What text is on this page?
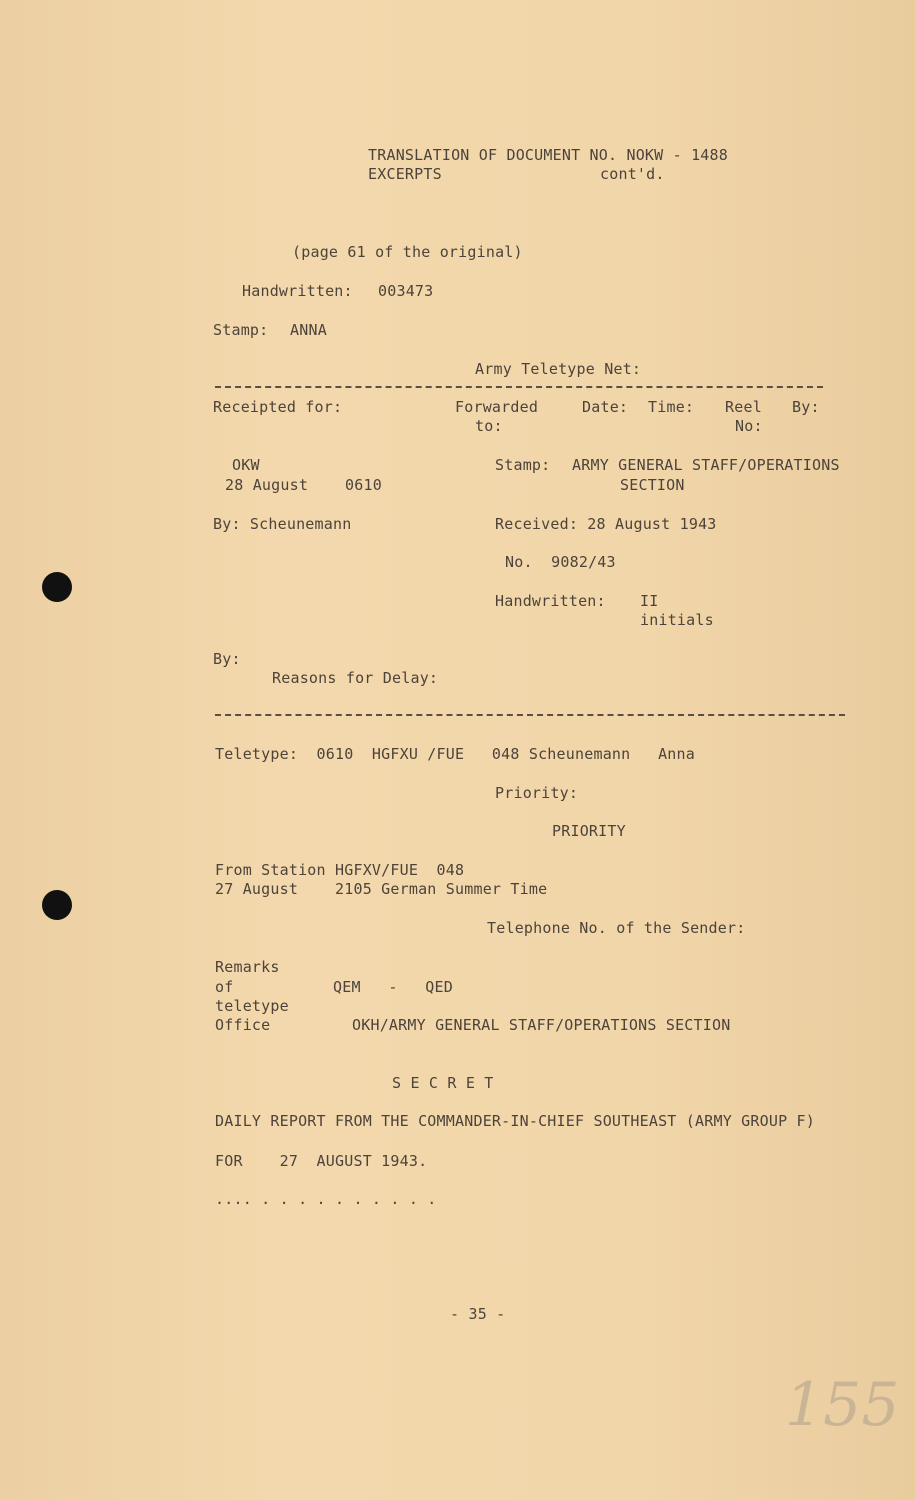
TRANSLATION OF DOCUMENT NO. NOKW - 1488
EXCERPTS	cont'd.
(page 61 of the original)
Handwritten: 003473
Stamp: ANNA
Army Teletype Net:
Receipted for:	Forwarded
to:
Date: Time: Reel
No:
By:
OKW
28 August    0610
By: Scheunemann
Stamp: ARMY GENERAL STAFF/OPERATIONS
SECTION
Received: 28 August 1943
No.  9082/43
Handwritten: II
initials
By:
Reasons for Delay:
Teletype:  0610  HGFXU /FUE   048 Scheunemann   Anna
Priority:
PRIORITY
From Station HGFXV/FUE  048
27 August    2105 German Summer Time
Telephone No. of the Sender:
Remarks
of
teletype
Office
QEM   -   QED
OKH/ARMY GENERAL STAFF/OPERATIONS SECTION
S E C R E T
DAILY REPORT FROM THE COMMANDER-IN-CHIEF SOUTHEAST (ARMY GROUP F)
FOR    27  AUGUST 1943.
.... . . . . . . . . . .
- 35 -
155
